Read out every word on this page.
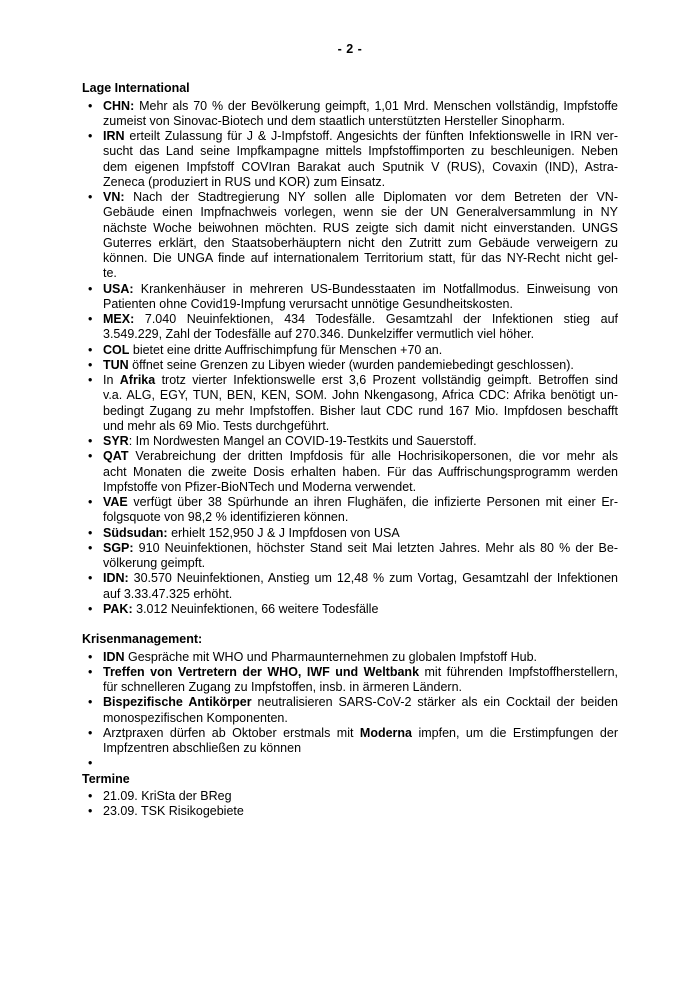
- 2 -
Lage International
• CHN: Mehr als 70 % der Bevölkerung geimpft, 1,01 Mrd. Menschen vollständig, Impfstoffe
zumeist von Sinovac-Biotech und dem staatlich unterstützten Hersteller Sinopharm.
• IRN erteilt Zulassung für J & J-Impfstoff. Angesichts der fünften Infektionswelle in IRN ver-
sucht das Land seine Impfkampagne mittels Impfstoffimporten zu beschleunigen. Neben
dem eigenen Impfstoff COVIran Barakat auch Sputnik V (RUS), Covaxin (IND), Astra-
Zeneca (produziert in RUS und KOR) zum Einsatz.
• VN: Nach der Stadtregierung NY sollen alle Diplomaten vor dem Betreten der VN-
Gebäude einen Impfnachweis vorlegen, wenn sie der UN Generalversammlung in NY
nächste Woche beiwohnen möchten. RUS zeigte sich damit nicht einverstanden. UNGS
Guterres erklärt, den Staatsoberhäuptern nicht den Zutritt zum Gebäude verweigern zu
können. Die UNGA finde auf internationalem Territorium statt, für das NY-Recht nicht gel-
te.
• USA: Krankenhäuser in mehreren US-Bundesstaaten im Notfallmodus. Einweisung von
Patienten ohne Covid19-Impfung verursacht unnötige Gesundheitskosten.
• MEX: 7.040 Neuinfektionen, 434 Todesfälle. Gesamtzahl der Infektionen stieg auf
3.549.229, Zahl der Todesfälle auf 270.346. Dunkelziffer vermutlich viel höher.
• COL bietet eine dritte Auffrischimpfung für Menschen +70 an.
• TUN öffnet seine Grenzen zu Libyen wieder (wurden pandemiebedingt geschlossen).
• In Afrika trotz vierter Infektionswelle erst 3,6 Prozent vollständig geimpft. Betroffen sind
v.a. ALG, EGY, TUN, BEN, KEN, SOM. John Nkengasong, Africa CDC: Afrika benötigt un-
bedingt Zugang zu mehr Impfstoffen. Bisher laut CDC rund 167 Mio. Impfdosen beschafft
und mehr als 69 Mio. Tests durchgeführt.
• SYR: Im Nordwesten Mangel an COVID-19-Testkits und Sauerstoff.
• QAT Verabreichung der dritten Impfdosis für alle Hochrisikopersonen, die vor mehr als
acht Monaten die zweite Dosis erhalten haben. Für das Auffrischungsprogramm werden
Impfstoffe von Pfizer-BioNTech und Moderna verwendet.
• VAE verfügt über 38 Spürhunde an ihren Flughäfen, die infizierte Personen mit einer Er-
folgsquote von 98,2 % identifizieren können.
• Südsudan: erhielt 152,950 J & J Impfdosen von USA
• SGP: 910 Neuinfektionen, höchster Stand seit Mai letzten Jahres. Mehr als 80 % der Be-
völkerung geimpft.
• IDN: 30.570 Neuinfektionen, Anstieg um 12,48 % zum Vortag, Gesamtzahl der Infektionen
auf 3.33.47.325 erhöht.
• PAK: 3.012 Neuinfektionen, 66 weitere Todesfälle
Krisenmanagement:
• IDN Gespräche mit WHO und Pharmaunternehmen zu globalen Impfstoff Hub.
• Treffen von Vertretern der WHO, IWF und Weltbank mit führenden Impfstoffherstellern,
für schnelleren Zugang zu Impfstoffen, insb. in ärmeren Ländern.
• Bispezifische Antikörper neutralisieren SARS-CoV-2 stärker als ein Cocktail der beiden
monospezifischen Komponenten.
• Arztpraxen dürfen ab Oktober erstmals mit Moderna impfen, um die Erstimpfungen der
Impfzentren abschließen zu können
•
Termine
• 21.09. KriSta der BReg
• 23.09. TSK Risikogebiete
